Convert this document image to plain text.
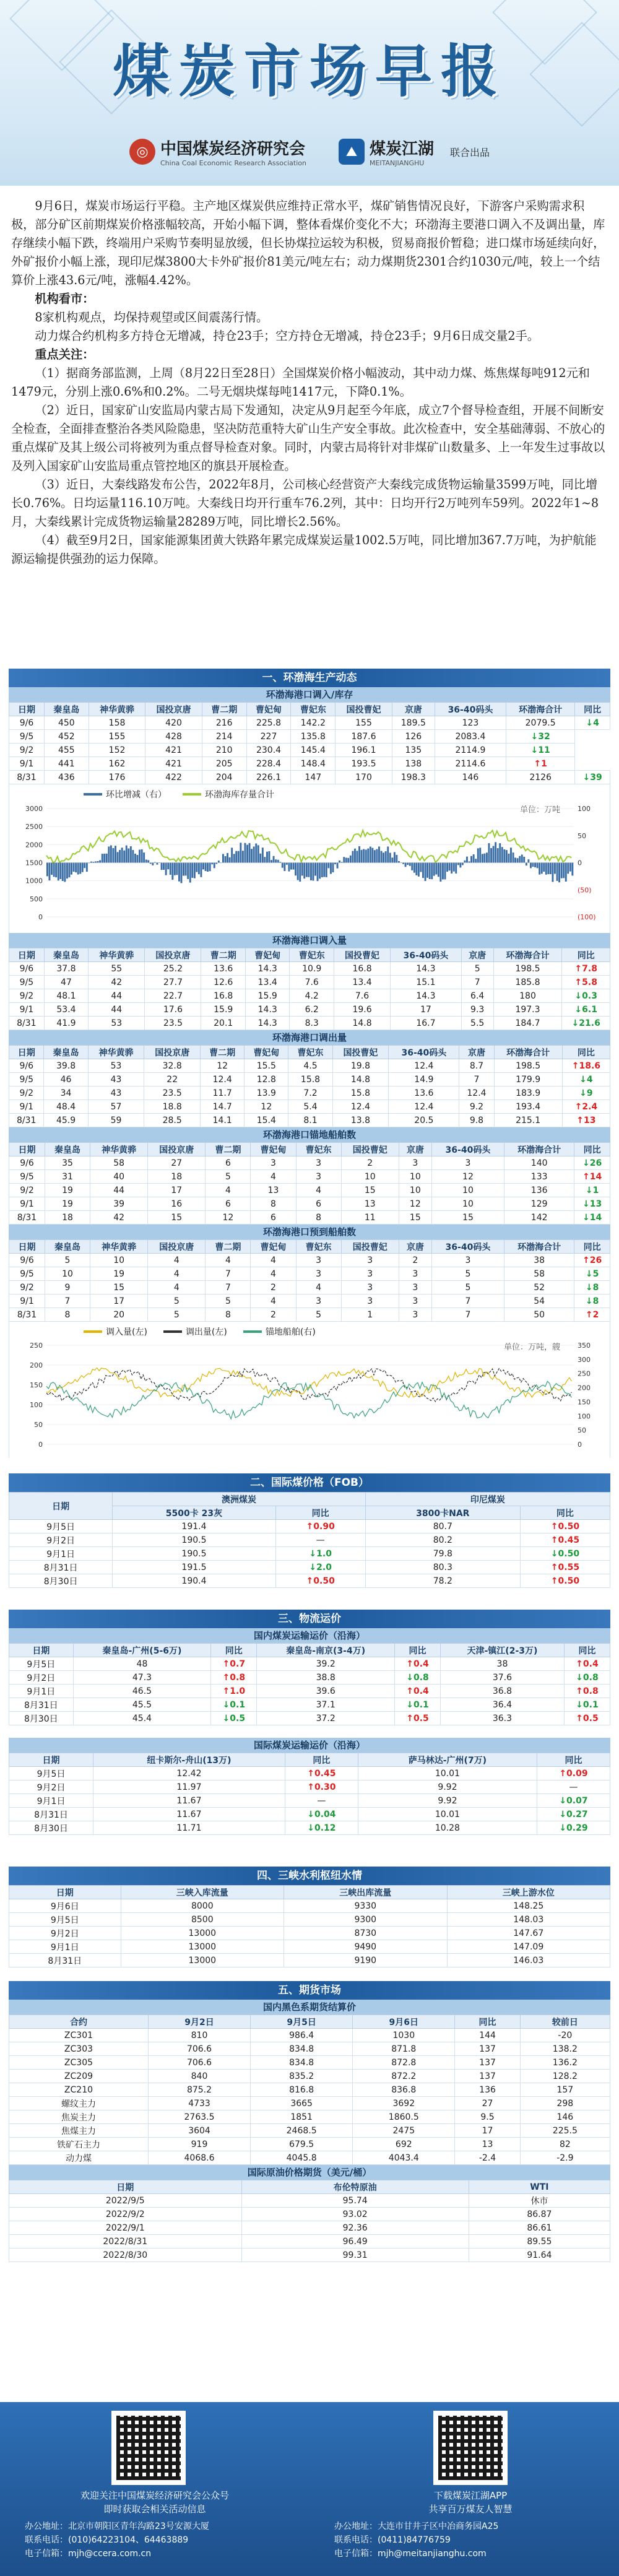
煤炭市场早报
◎ 中国煤炭经济研究会
China Coal Economic Research Association
⛰ 煤炭江湖
MEITANJIANGHU
联合出品

9月6日，煤炭市场运行平稳。主产地区煤炭供应维持正常水平，煤矿销售情况良好，下游客户采购需求积极，部分矿区前期煤炭价格涨幅较高，开始小幅下调，整体看煤价变化不大；环渤海主要港口调入不及调出量，库存继续小幅下跌，终端用户采购节奏明显放缓，但长协煤拉运较为积极，贸易商报价暂稳；进口煤市场延续向好，外矿报价小幅上涨，现印尼煤3800大卡外矿报价81美元/吨左右；动力煤期货2301合约1030元/吨，较上一个结算价上涨43.6元/吨，涨幅4.42%。

机构看市：

8家机构观点，均保持观望或区间震荡行情。

动力煤合约机构多方持仓无增减，持仓23手；空方持仓无增减，持仓23手；9月6日成交量2手。

重点关注：

（1）据商务部监测，上周（8月22日至28日）全国煤炭价格小幅波动，其中动力煤、炼焦煤每吨912元和1479元，分别上涨0.6%和0.2%。二号无烟块煤每吨1417元，下降0.1%。

（2）近日，国家矿山安监局内蒙古局下发通知，决定从9月起至今年底，成立7个督导检查组，开展不间断安全检查，全面排查整治各类风险隐患，坚决防范重特大矿山生产安全事故。此次检查中，安全基础薄弱、不放心的重点煤矿及其上级公司将被列为重点督导检查对象。同时，内蒙古局将针对非煤矿山数量多、上一年发生过事故以及列入国家矿山安监局重点管控地区的旗县开展检查。

（3）近日，大秦线路发布公告，2022年8月，公司核心经营资产大秦线完成货物运输量3599万吨，同比增长0.76%。日均运量116.10万吨。大秦线日均开行重车76.2列，其中：日均开行2万吨列车59列。2022年1~8月，大秦线累计完成货物运输量28289万吨，同比增长2.56%。

（4）截至9月2日，国家能源集团黄大铁路年累完成煤炭运量1002.5万吨，同比增加367.7万吨，为护航能源运输提供强劲的运力保障。

一、环渤海生产动态
环渤海港口调入/库存
日期	秦皇岛	神华黄骅	国投京唐	曹二期	曹妃甸	曹妃东	国投曹妃	京唐	36-40码头	环渤海合计	同比
9/6	450	158	420	216	225.8	142.2	155	189.5	123	2079.5	↓4
9/5	452	155	428	214	227	135.8	187.6	126	2083.4	↓32	
9/2	455	152	421	210	230.4	145.4	196.1	135	2114.9	↓11	
9/1	441	162	421	205	228.4	148.4	193.5	138	2114.6	↑1	
8/31	436	176	422	204	226.1	147	170	198.3	146	2126	↓39
环比增减（右）	环渤海库存量合计
单位：万吨
3000
2500
2000
1500
1000
500
0
100
50
0
(50)
(100)
环渤海港口调入量
日期	秦皇岛	神华黄骅	国投京唐	曹二期	曹妃甸	曹妃东	国投曹妃	36-40码头	京唐	环渤海合计	同比
9/6	37.8	55	25.2	13.6	14.3	10.9	16.8	14.3	5	198.5	↑7.8
9/5	47	42	27.7	12.6	13.4	7.6	13.4	15.1	7	185.8	↑5.8
9/2	48.1	44	22.7	16.8	15.9	4.2	7.6	14.3	6.4	180	↓0.3
9/1	53.4	44	17.6	15.9	14.3	6.2	19.6	17	9.3	197.3	↓6.1
8/31	41.9	53	23.5	20.1	14.3	8.3	14.8	16.7	5.5	184.7	↓21.6
环渤海港口调出量
日期	秦皇岛	神华黄骅	国投京唐	曹二期	曹妃甸	曹妃东	国投曹妃	36-40码头	京唐	环渤海合计	同比
9/6	39.8	53	32.8	12	15.5	4.5	19.8	12.4	8.7	198.5	↑18.6
9/5	46	43	22	12.4	12.8	15.8	14.8	14.9	7	179.9	↓4
9/2	34	43	23.5	11.7	13.9	7.2	15.8	13.6	12.4	183.9	↓9
9/1	48.4	57	18.8	14.7	12	5.4	12.4	12.4	9.2	193.4	↑2.4
8/31	45.9	59	28.5	14.1	15.4	8.1	13.8	20.5	9.8	215.1	↑13
环渤海港口锚地船舶数
日期	秦皇岛	神华黄骅	国投京唐	曹二期	曹妃甸	曹妃东	国投曹妃	京唐	36-40码头	环渤海合计	同比
9/6	35	58	27	6	3	3	2	3	3	140	↓26
9/5	31	40	18	5	4	3	10	10	12	133	↑14
9/2	19	44	17	4	13	4	15	10	10	136	↓1
9/1	19	39	16	6	8	6	13	12	10	129	↓13
8/31	18	42	15	12	6	8	11	15	15	142	↓14
环渤海港口预到船舶数
日期	秦皇岛	神华黄骅	国投京唐	曹二期	曹妃甸	曹妃东	国投曹妃	京唐	36-40码头	环渤海合计	同比
9/6	5	10	4	4	4	3	3	2	3	38	↑26
9/5	10	19	4	7	4	3	3	3	5	58	↓5
9/2	9	15	4	7	2	4	3	3	5	52	↓8
9/1	7	17	5	5	4	3	3	3	7	54	↓8
8/31	8	20	5	8	2	5	1	3	7	50	↑2
调入量(左)	调出量(左)	锚地船舶(右)
单位：万吨，艘
250
200
150
100
50
0
350
300
250
200
150
100
50
0
二、国际煤价格（FOB）
日期	澳洲煤炭		印尼煤炭	
	5500卡 23灰	同比	3800卡NAR	同比
9月5日	191.4	↑0.90	80.7	↑0.50
9月2日	190.5	—	80.2	↑0.45
9月1日	190.5	↓1.0	79.8	↓0.50
8月31日	191.5	↓2.0	80.3	↑0.55
8月30日	190.4	↑0.50	78.2	↑0.50
三、物流运价
国内煤炭运输运价（沿海）
日期	秦皇岛-广州(5-6万)	同比	秦皇岛-南京(3-4万)	同比	天津-镇江(2-3万)	同比
9月5日	48	↑0.7	39.2	↑0.4	38	↑0.4
9月2日	47.3	↑0.8	38.8	↓0.8	37.6	↓0.8
9月1日	46.5	↑1.0	39.6	↑0.4	36.8	↑0.8
8月31日	45.5	↓0.1	37.1	↓0.1	36.4	↓0.1
8月30日	45.4	↓0.5	37.2	↑0.5	36.3	↑0.5
国际煤炭运输运价（沿海）
日期	纽卡斯尔-舟山(13万)	同比	萨马林达-广州(7万)	同比
9月5日	12.42	↑0.45	10.01	↑0.09
9月2日	11.97	↑0.30	9.92	—
9月1日	11.67	—	9.92	↓0.07
8月31日	11.67	↓0.04	10.01	↓0.27
8月30日	11.71	↓0.12	10.28	↓0.29
四、三峡水利枢纽水情
日期	三峡入库流量	三峡出库流量	三峡上游水位
9月6日	8000	9330	148.25
9月5日	8500	9300	148.03
9月2日	13000	8730	147.67
9月1日	13000	9490	147.09
8月31日	13000	9190	146.03
五、期货市场
国内黑色系期货结算价
合约	9月2日	9月5日	9月6日	同比	较前日
ZC301	810	986.4	1030	144	-20
ZC303	706.6	834.8	871.8	137	138.2
ZC305	706.6	834.8	872.8	137	136.2
ZC209	840	835.2	872.2	137	128.2
ZC210	875.2	816.8	836.8	136	157
螺纹主力	4733	3665	3692	27	298
焦炭主力	2763.5	1851	1860.5	9.5	146
焦煤主力	3604	2468.5	2475	17	225.5
铁矿石主力	919	679.5	692	13	82
动力煤	4068.6	4045.8	4043.4	-2.4	-2.9
国际原油价格期货（美元/桶）
日期	布伦特原油	WTI
2022/9/5	95.74	休市
2022/9/2	93.02	86.87
2022/9/1	92.36	86.61
2022/8/31	96.49	89.55
2022/8/30	99.31	91.64
欢迎关注中国煤炭经济研究会公众号
即时获取会相关活动信息
下载煤炭江湖APP
共享百万煤友人智慧
办公地址：北京市朝阳区青年沟路23号安源大厦
联系电话：(010)64223104、64463889
电子信箱：mjh@ccera.com.cn
办公地址：大连市甘井子区中冶商务园A25
联系电话：(0411)84776759
电子信箱：mjh@meitanjianghu.com
